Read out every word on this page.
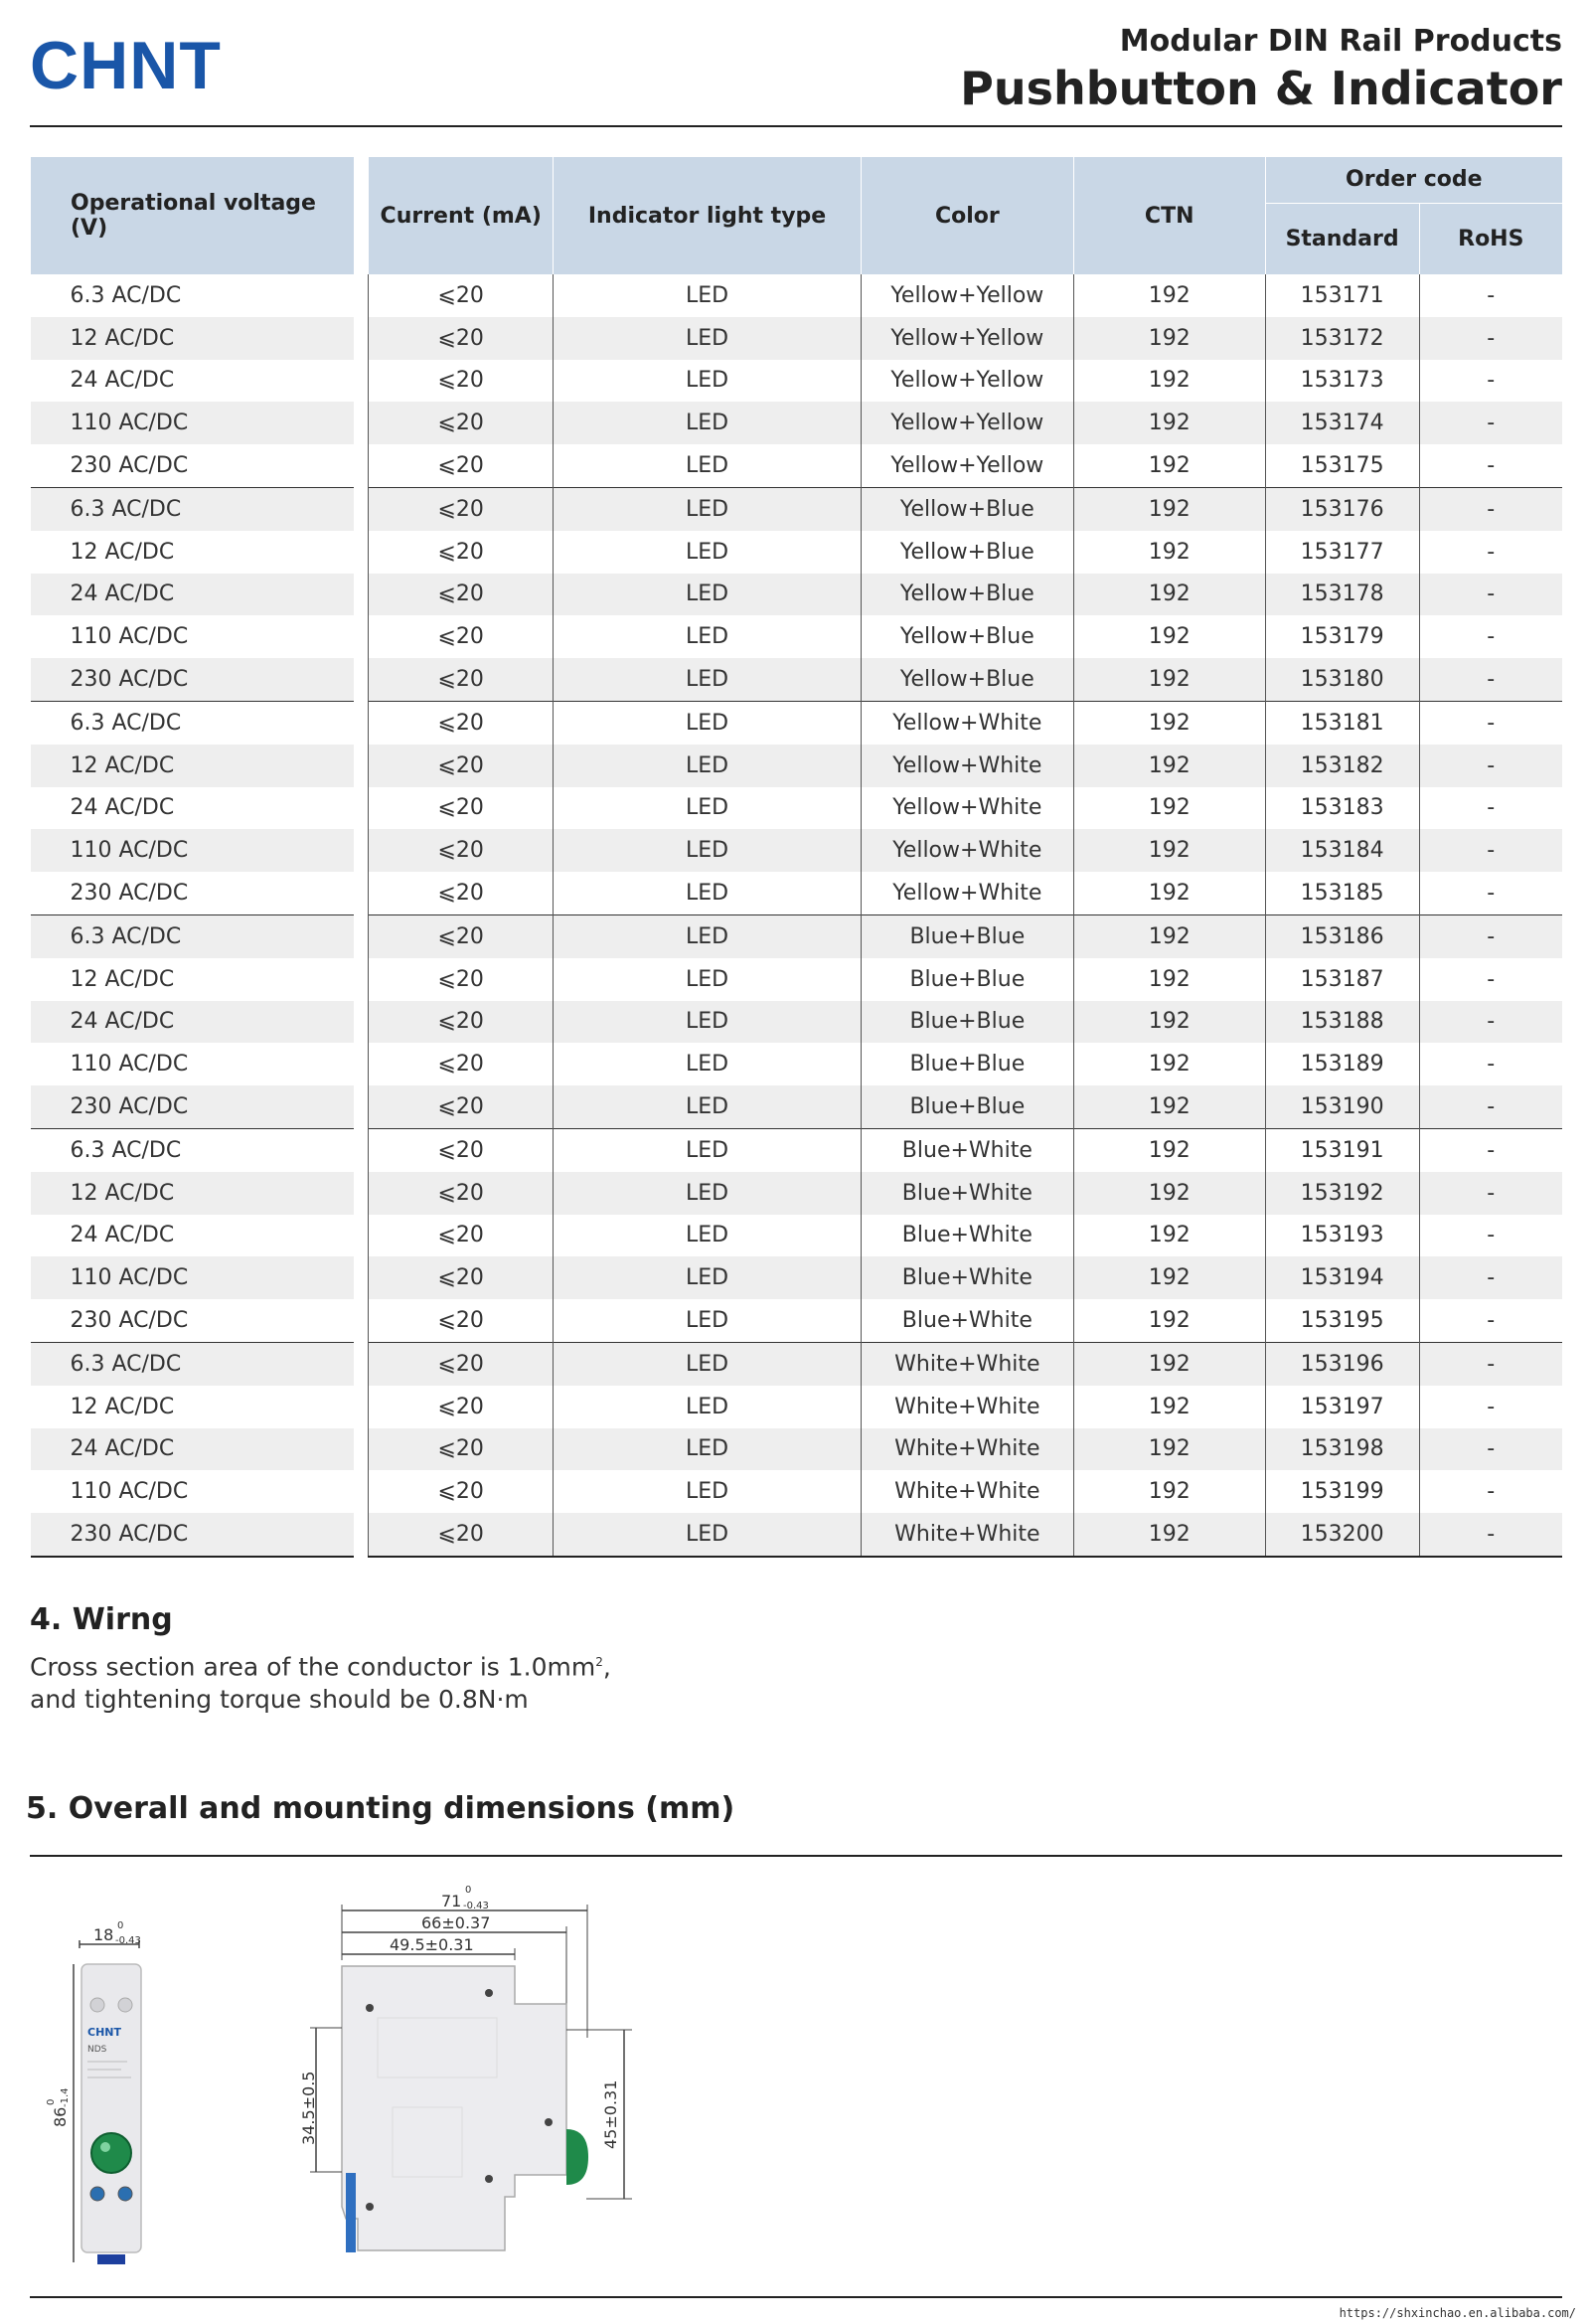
CHNT	Modular DIN Rail Products
Pushbutton & Indicator
Operational voltage (V)		Current (mA)	Indicator light type	Color	CTN	Order code	
						Standard	RoHS
6.3 AC/DC		⩽20	LED	Yellow+Yellow	192	153171	-
12 AC/DC		⩽20	LED	Yellow+Yellow	192	153172	-
24 AC/DC		⩽20	LED	Yellow+Yellow	192	153173	-
110 AC/DC		⩽20	LED	Yellow+Yellow	192	153174	-
230 AC/DC		⩽20	LED	Yellow+Yellow	192	153175	-
6.3 AC/DC		⩽20	LED	Yellow+Blue	192	153176	-
12 AC/DC		⩽20	LED	Yellow+Blue	192	153177	-
24 AC/DC		⩽20	LED	Yellow+Blue	192	153178	-
110 AC/DC		⩽20	LED	Yellow+Blue	192	153179	-
230 AC/DC		⩽20	LED	Yellow+Blue	192	153180	-
6.3 AC/DC		⩽20	LED	Yellow+White	192	153181	-
12 AC/DC		⩽20	LED	Yellow+White	192	153182	-
24 AC/DC		⩽20	LED	Yellow+White	192	153183	-
110 AC/DC		⩽20	LED	Yellow+White	192	153184	-
230 AC/DC		⩽20	LED	Yellow+White	192	153185	-
6.3 AC/DC		⩽20	LED	Blue+Blue	192	153186	-
12 AC/DC		⩽20	LED	Blue+Blue	192	153187	-
24 AC/DC		⩽20	LED	Blue+Blue	192	153188	-
110 AC/DC		⩽20	LED	Blue+Blue	192	153189	-
230 AC/DC		⩽20	LED	Blue+Blue	192	153190	-
6.3 AC/DC		⩽20	LED	Blue+White	192	153191	-
12 AC/DC		⩽20	LED	Blue+White	192	153192	-
24 AC/DC		⩽20	LED	Blue+White	192	153193	-
110 AC/DC		⩽20	LED	Blue+White	192	153194	-
230 AC/DC		⩽20	LED	Blue+White	192	153195	-
6.3 AC/DC		⩽20	LED	White+White	192	153196	-
12 AC/DC		⩽20	LED	White+White	192	153197	-
24 AC/DC		⩽20	LED	White+White	192	153198	-
110 AC/DC		⩽20	LED	White+White	192	153199	-
230 AC/DC		⩽20	LED	White+White	192	153200	-
4. Wirng
Cross section area of the conductor is $1.0mm^2$,
and tightening torque should be 0.8N·m
5. Overall and mounting dimensions (mm)
18 0
-0.43
86
0 -1.4
CHNT
NDS
71
0
-0.43
66±0.37
49.5±0.31
34.5±0.5	45±0.31
https://shxinchao.en.alibaba.com/
